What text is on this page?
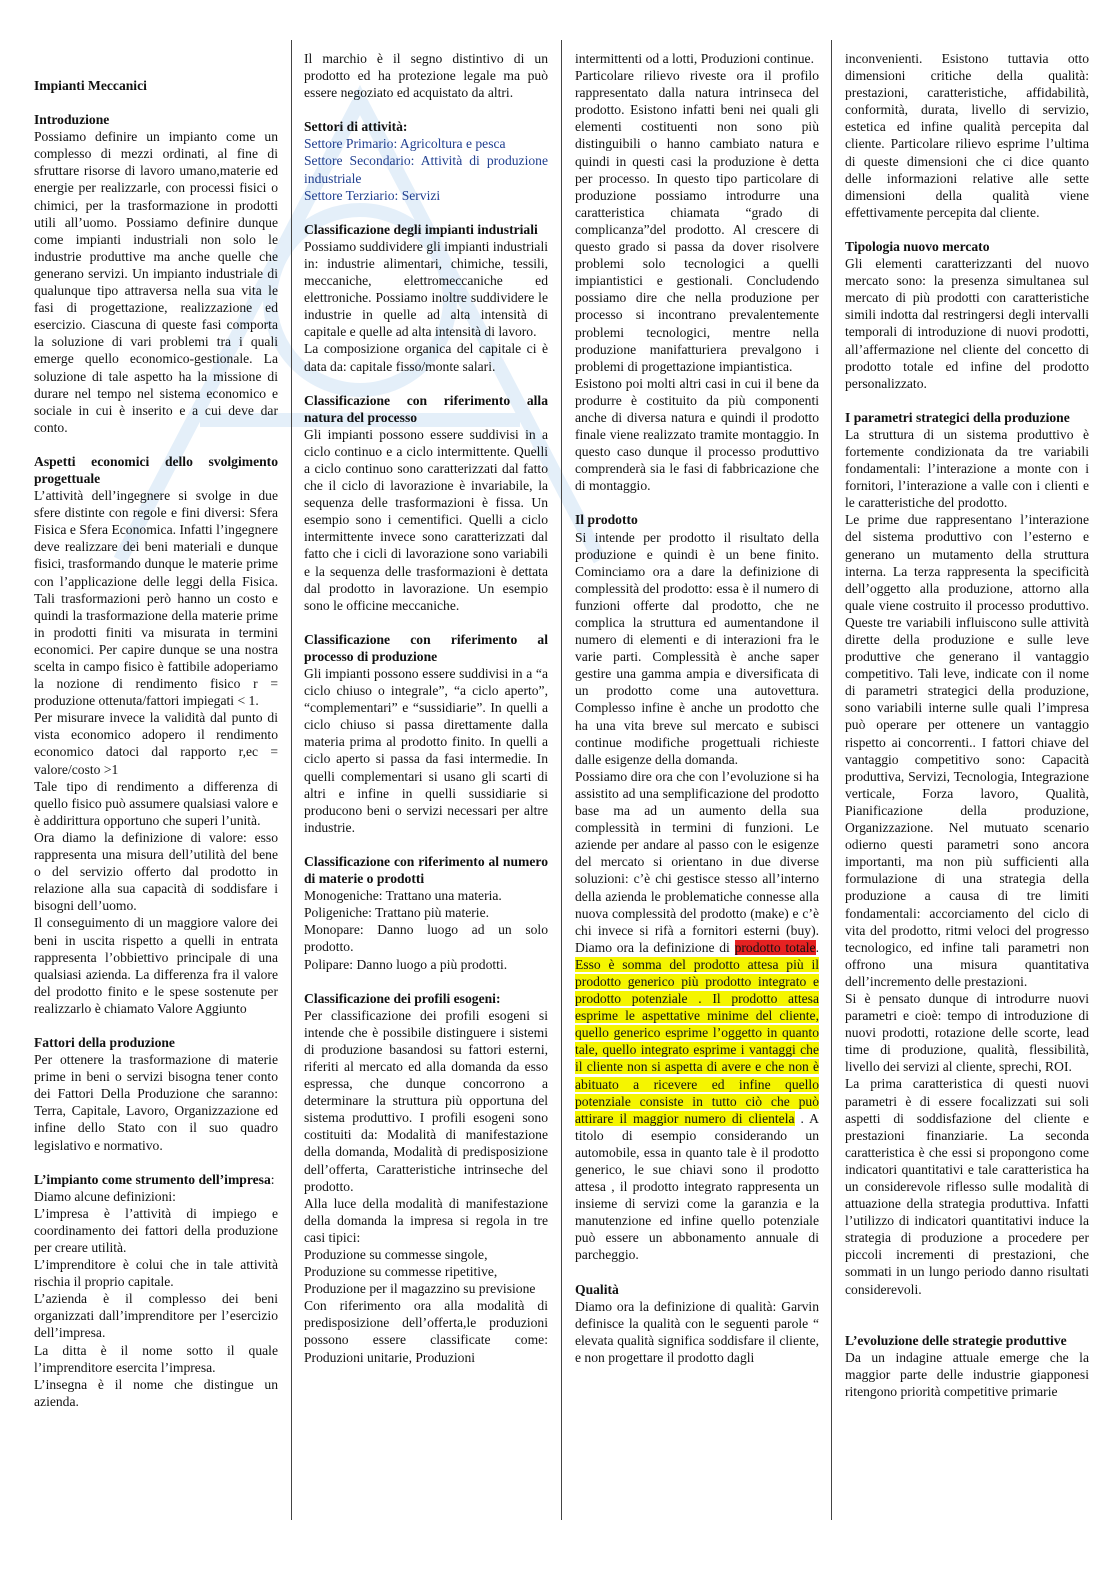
Impianti Meccanici
Introduzione

Possiamo definire un impianto come un complesso di mezzi ordinati, al fine di sfruttare risorse di lavoro umano,materie ed energie per realizzarle, con processi fisici o chimici, per la trasformazione in prodotti utili all’uomo. Possiamo definire dunque come impianti industriali non solo le industrie produttive ma anche quelle che generano servizi. Un impianto industriale di qualunque tipo attraversa nella sua vita le fasi di progettazione, realizzazione ed esercizio. Ciascuna di queste fasi comporta la soluzione di vari problemi tra i quali emerge quello economico-gestionale. La soluzione di tale aspetto ha la missione di durare nel tempo nel sistema economico e sociale in cui è inserito e a cui deve dar conto.

Aspetti economici dello svolgimento progettuale

L’attività dell’ingegnere si svolge in due sfere distinte con regole e fini diversi: Sfera Fisica e Sfera Economica. Infatti l’ingegnere deve realizzare dei beni materiali e dunque fisici, trasformando dunque le materie prime con l’applicazione delle leggi della Fisica. Tali trasformazioni però hanno un costo e quindi la trasformazione della materie prime in prodotti finiti va misurata in termini economici. Per capire dunque se una nostra scelta in campo fisico è fattibile adoperiamo la nozione di rendimento fisico r = produzione ottenuta/fattori impiegati < 1.

Per misurare invece la validità dal punto di vista economico adopero il rendimento economico datoci dal rapporto r,ec = valore/costo >1

Tale tipo di rendimento a differenza di quello fisico può assumere qualsiasi valore e è addirittura opportuno che superi l’unità.

Ora diamo la definizione di valore: esso rappresenta una misura dell’utilità del bene o del servizio offerto dal prodotto in relazione alla sua capacità di soddisfare i bisogni dell’uomo.

Il conseguimento di un maggiore valore dei beni in uscita rispetto a quelli in entrata rappresenta l’obbiettivo principale di una qualsiasi azienda. La differenza fra il valore del prodotto finito e le spese sostenute per realizzarlo è chiamato Valore Aggiunto

Fattori della produzione

Per ottenere la trasformazione di materie prime in beni o servizi bisogna tener conto dei Fattori Della Produzione che saranno: Terra, Capitale, Lavoro, Organizzazione ed infine dello Stato con il suo quadro legislativo e normativo.

L’impianto come strumento dell’impresa:

Diamo alcune definizioni:

L’impresa è l’attività di impiego e coordinamento dei fattori della produzione per creare utilità.

L’imprenditore è colui che in tale attività rischia il proprio capitale.

L’azienda è il complesso dei beni organizzati dall’imprenditore per l’esercizio dell’impresa.

La ditta è il nome sotto il quale l’imprenditore esercita l’impresa.

L’insegna è il nome che distingue un azienda.

Il marchio è il segno distintivo di un prodotto ed ha protezione legale ma può essere negoziato ed acquistato da altri.

Settori di attività:

Settore Primario: Agricoltura e pesca

Settore Secondario: Attività di produzione industriale

Settore Terziario: Servizi

Classificazione degli impianti industriali

Possiamo suddividere gli impianti industriali in: industrie alimentari, chimiche, tessili, meccaniche, elettromeccaniche ed elettroniche. Possiamo inoltre suddividere le industrie in quelle ad alta intensità di capitale e quelle ad alta intensità di lavoro.

La composizione organica del capitale ci è data da: capitale fisso/monte salari.

Classificazione con riferimento alla natura del processo

Gli impianti possono essere suddivisi in a ciclo continuo e a ciclo intermittente. Quelli a ciclo continuo sono caratterizzati dal fatto che il ciclo di lavorazione è invariabile, la sequenza delle trasformazioni è fissa. Un esempio sono i cementifici. Quelli a ciclo intermittente invece sono caratterizzati dal fatto che i cicli di lavorazione sono variabili e la sequenza delle trasformazioni è dettata dal prodotto in lavorazione. Un esempio sono le officine meccaniche.

Classificazione con riferimento al processo di produzione

Gli impianti possono essere suddivisi in a “a ciclo chiuso o integrale”, “a ciclo aperto”, “complementari” e “sussidiarie”. In quelli a ciclo chiuso si passa direttamente dalla materia prima al prodotto finito. In quelli a ciclo aperto si passa da fasi intermedie. In quelli complementari si usano gli scarti di altri e infine in quelli sussidiarie si producono beni o servizi necessari per altre industrie.

Classificazione con riferimento al numero di materie o prodotti

Monogeniche: Trattano una materia.

Poligeniche: Trattano più materie.

Monopare: Danno luogo ad un solo prodotto.

Polipare: Danno luogo a più prodotti.

Classificazione dei profili esogeni:

Per classificazione dei profili esogeni si intende che è possibile distinguere i sistemi di produzione basandosi su fattori esterni, riferiti al mercato ed alla domanda da esso espressa, che dunque concorrono a determinare la struttura più opportuna del sistema produttivo. I profili esogeni sono costituiti da: Modalità di manifestazione della domanda, Modalità di predisposizione dell’offerta, Caratteristiche intrinseche del prodotto.

Alla luce della modalità di manifestazione della domanda la impresa si regola in tre casi tipici:

Produzione su commesse singole,

Produzione su commesse ripetitive,

Produzione per il magazzino su previsione

Con riferimento ora alla modalità di predisposizione dell’offerta,le produzioni possono essere classificate come: Produzioni unitarie, Produzioni

intermittenti od a lotti, Produzioni continue.

Particolare rilievo riveste ora il profilo rappresentato dalla natura intrinseca del prodotto. Esistono infatti beni nei quali gli elementi costituenti non sono più distinguibili o hanno cambiato natura e quindi in questi casi la produzione è detta per processo. In questo tipo particolare di produzione possiamo introdurre una caratteristica chiamata “grado di complicanza”del prodotto. Al crescere di questo grado si passa da dover risolvere problemi solo tecnologici a quelli impiantistici e gestionali. Concludendo possiamo dire che nella produzione per processo si incontrano prevalentemente problemi tecnologici, mentre nella produzione manifatturiera prevalgono i problemi di progettazione impiantistica.

Esistono poi molti altri casi in cui il bene da produrre è costituito da più componenti anche di diversa natura e quindi il prodotto finale viene realizzato tramite montaggio. In questo caso dunque il processo produttivo comprenderà sia le fasi di fabbricazione che di montaggio.

Il prodotto

Si intende per prodotto il risultato della produzione e quindi è un bene finito. Cominciamo ora a dare la definizione di complessità del prodotto: essa è il numero di funzioni offerte dal prodotto, che ne complica la struttura ed aumentandone il numero di elementi e di interazioni fra le varie parti. Complessità è anche saper gestire una gamma ampia e diversificata di un prodotto come una autovettura. Complesso infine è anche un prodotto che ha una vita breve sul mercato e subisci continue modifiche progettuali richieste dalle esigenze della domanda.

Possiamo dire ora che con l’evoluzione si ha assistito ad una semplificazione del prodotto base ma ad un aumento della sua complessità in termini di funzioni. Le aziende per andare al passo con le esigenze del mercato si orientano in due diverse soluzioni: c’è chi gestisce stesso all’interno della azienda le problematiche connesse alla nuova complessità del prodotto (make) e c’è chi invece si rifà a fornitori esterni (buy). Diamo ora la definizione di prodotto totale. Esso è somma del prodotto attesa più il prodotto generico più prodotto integrato e prodotto potenziale . Il prodotto attesa esprime le aspettative minime del cliente, quello generico esprime l’oggetto in quanto tale, quello integrato esprime i vantaggi che il cliente non si aspetta di avere e che non è abituato a ricevere ed infine quello potenziale consiste in tutto ciò che può attirare il maggior numero di clientela . A titolo di esempio considerando un automobile, essa in quanto tale è il prodotto generico, le sue chiavi sono il prodotto attesa , il prodotto integrato rappresenta un insieme di servizi come la garanzia e la manutenzione ed infine quello potenziale può essere un abbonamento annuale di parcheggio.

Qualità

Diamo ora la definizione di qualità: Garvin definisce la qualità con le seguenti parole “ elevata qualità significa soddisfare il cliente, e non progettare il prodotto dagli

inconvenienti. Esistono tuttavia otto dimensioni critiche della qualità: prestazioni, caratteristiche, affidabilità, conformità, durata, livello di servizio, estetica ed infine qualità percepita dal cliente. Particolare rilievo esprime l’ultima di queste dimensioni che ci dice quanto delle informazioni relative alle sette dimensioni della qualità viene effettivamente percepita dal cliente.

Tipologia nuovo mercato

Gli elementi caratterizzanti del nuovo mercato sono: la presenza simultanea sul mercato di più prodotti con caratteristiche simili indotta dal restringersi degli intervalli temporali di introduzione di nuovi prodotti, all’affermazione nel cliente del concetto di prodotto totale ed infine del prodotto personalizzato.

I parametri strategici della produzione

La struttura di un sistema produttivo è fortemente condizionata da tre variabili fondamentali: l’interazione a monte con i fornitori, l’interazione a valle con i clienti e le caratteristiche del prodotto.

Le prime due rappresentano l’interazione del sistema produttivo con l’esterno e generano un mutamento della struttura interna. La terza rappresenta la specificità dell’oggetto alla produzione, attorno alla quale viene costruito il processo produttivo. Queste tre variabili influiscono sulle attività dirette della produzione e sulle leve produttive che generano il vantaggio competitivo. Tali leve, indicate con il nome di parametri strategici della produzione, sono variabili interne sulle quali l’impresa può operare per ottenere un vantaggio rispetto ai concorrenti.. I fattori chiave del vantaggio competitivo sono: Capacità produttiva, Servizi, Tecnologia, Integrazione verticale, Forza lavoro, Qualità, Pianificazione della produzione, Organizzazione. Nel mutuato scenario odierno questi parametri sono ancora importanti, ma non più sufficienti alla formulazione di una strategia della produzione a causa di tre limiti fondamentali: accorciamento del ciclo di vita del prodotto, ritmi veloci del progresso tecnologico, ed infine tali parametri non offrono una misura quantitativa dell’incremento delle prestazioni.

Si è pensato dunque di introdurre nuovi parametri e cioè: tempo di introduzione di nuovi prodotti, rotazione delle scorte, lead time di produzione, qualità, flessibilità, livello dei servizi al cliente, sprechi, ROI.

La prima caratteristica di questi nuovi parametri è di essere focalizzati sui soli aspetti di soddisfazione del cliente e prestazioni finanziarie. La seconda caratteristica è che essi si propongono come indicatori quantitativi e tale caratteristica ha un considerevole riflesso sulle modalità di attuazione della strategia produttiva. Infatti l’utilizzo di indicatori quantitativi induce la strategia di produzione a procedere per piccoli incrementi di prestazioni, che sommati in un lungo periodo danno risultati considerevoli.

L’evoluzione delle strategie produttive

Da un indagine attuale emerge che la maggior parte delle industrie giapponesi ritengono priorità competitive primarie
